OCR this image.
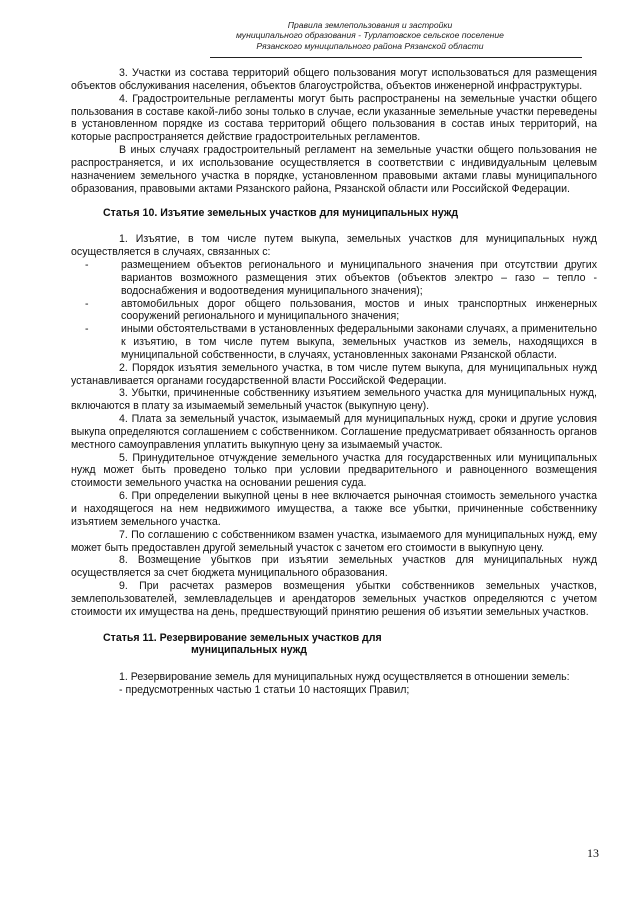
Правила землепользования и застройки
муниципального образования - Турлатовское сельское поселение
Рязанского муниципального района Рязанской области

3. Участки из состава территорий общего пользования могут использоваться для размещения объектов обслуживания населения, объектов благоустройства, объектов инженерной инфраструктуры.

4. Градостроительные регламенты могут быть распространены на земельные участки общего пользования в составе какой-либо зоны только в случае, если указанные земельные участки переведены в установленном порядке из состава территорий общего пользования в состав иных территорий, на которые распространяется действие градостроительных регламентов.

В иных случаях градостроительный регламент на земельные участки общего пользования не распространяется, и их использование осуществляется в соответствии с индивидуальным целевым назначением земельного участка в порядке, установленном правовыми актами главы муниципального образования, правовыми актами Рязанского района, Рязанской области или Российской Федерации.

Статья 10. Изъятие земельных участков для муниципальных нужд

1. Изъятие, в том числе путем выкупа, земельных участков для муниципальных нужд осуществляется в случаях, связанных с:

- размещением объектов регионального и муниципального значения при отсутствии других вариантов возможного размещения этих объектов (объектов электро – газо – тепло - водоснабжения и водоотведения муниципального значения);
- автомобильных дорог общего пользования, мостов и иных транспортных инженерных сооружений регионального и муниципального значения;
- иными обстоятельствами в установленных федеральными законами случаях, а применительно к изъятию, в том числе путем выкупа, земельных участков из земель, находящихся в муниципальной собственности, в случаях, установленных законами Рязанской области.

2. Порядок изъятия земельного участка, в том числе путем выкупа, для муниципальных нужд устанавливается органами государственной власти Российской Федерации.

3. Убытки, причиненные собственнику изъятием земельного участка для муниципальных нужд, включаются в плату за изымаемый земельный участок (выкупную цену).

4. Плата за земельный участок, изымаемый для муниципальных нужд, сроки и другие условия выкупа определяются соглашением с собственником. Соглашение предусматривает обязанность органов местного самоуправления уплатить выкупную цену за изымаемый участок.

5. Принудительное отчуждение земельного участка для государственных или муниципальных нужд может быть проведено только при условии предварительного и равноценного возмещения стоимости земельного участка на основании решения суда.

6. При определении выкупной цены в нее включается рыночная стоимость земельного участка и находящегося на нем недвижимого имущества, а также все убытки, причиненные собственнику изъятием земельного участка.

7. По соглашению с собственником взамен участка, изымаемого для муниципальных нужд, ему может быть предоставлен другой земельный участок с зачетом его стоимости в выкупную цену.

8. Возмещение убытков при изъятии земельных участков для муниципальных нужд осуществляется за счет бюджета муниципального образования.

9. При расчетах размеров возмещения убытки собственников земельных участков, землепользователей, землевладельцев и арендаторов земельных участков определяются с учетом стоимости их имущества на день, предшествующий принятию решения об изъятии земельных участков.

Статья 11. Резервирование земельных участков для
муниципальных нужд

1. Резервирование земель для муниципальных нужд осуществляется в отношении земель:

- предусмотренных частью 1 статьи 10 настоящих Правил;

13
